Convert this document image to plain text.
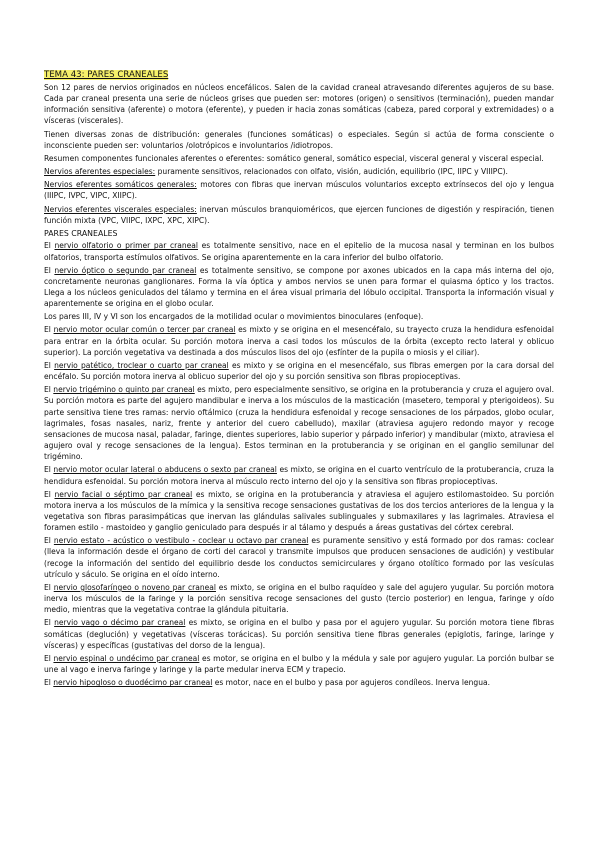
TEMA 43: PARES CRANEALES

Son 12 pares de nervios originados en núcleos encefálicos. Salen de la cavidad craneal atravesando diferentes agujeros de su base. Cada par craneal presenta una serie de núcleos grises que pueden ser: motores (origen) o sensitivos (terminación), pueden mandar información sensitiva (aferente) o motora (eferente), y pueden ir hacia zonas somáticas (cabeza, pared corporal y extremidades) o a vísceras (viscerales).

Tienen diversas zonas de distribución: generales (funciones somáticas) o especiales. Según si actúa de forma consciente o inconsciente pueden ser: voluntarios /olotrópicos e involuntarios /idiotropos.

Resumen componentes funcionales aferentes o eferentes: somático general, somático especial, visceral general y visceral especial.

Nervios aferentes especiales: puramente sensitivos, relacionados con olfato, visión, audición, equilibrio (IPC, IIPC y VIIIPC).

Nervios eferentes somáticos generales: motores con fibras que inervan músculos voluntarios excepto extrínsecos del ojo y lengua (IIIPC, IVPC, VIPC, XIIPC).

Nervios eferentes viscerales especiales: inervan músculos branquioméricos, que ejercen funciones de digestión y respiración, tienen función mixta (VPC, VIIPC, IXPC, XPC, XIPC).

PARES CRANEALES

El nervio olfatorio o primer par craneal es totalmente sensitivo, nace en el epitelio de la mucosa nasal y terminan en los bulbos olfatorios, transporta estímulos olfativos. Se origina aparentemente en la cara inferior del bulbo olfatorio.

El nervio óptico o segundo par craneal es totalmente sensitivo, se compone por axones ubicados en la capa más interna del ojo, concretamente neuronas ganglionares. Forma la vía óptica y ambos nervios se unen para formar el quiasma óptico y los tractos. Llega a los núcleos geniculados del tálamo y termina en el área visual primaria del lóbulo occipital. Transporta la información visual y aparentemente se origina en el globo ocular.

Los pares III, IV y VI son los encargados de la motilidad ocular o movimientos binoculares (enfoque).

El nervio motor ocular común o tercer par craneal es mixto y se origina en el mesencéfalo, su trayecto cruza la hendidura esfenoidal para entrar en la órbita ocular. Su porción motora inerva a casi todos los músculos de la órbita (excepto recto lateral y oblicuo superior). La porción vegetativa va destinada a dos músculos lisos del ojo (esfínter de la pupila o miosis y el ciliar).

El nervio patético, troclear o cuarto par craneal es mixto y se origina en el mesencéfalo, sus fibras emergen por la cara dorsal del encéfalo. Su porción motora inerva al oblicuo superior del ojo y su porción sensitiva son fibras propioceptivas.

El nervio trigémino o quinto par craneal es mixto, pero especialmente sensitivo, se origina en la protuberancia y cruza el agujero oval. Su porción motora es parte del agujero mandibular e inerva a los músculos de la masticación (masetero, temporal y pterigoideos). Su parte sensitiva tiene tres ramas: nervio oftálmico (cruza la hendidura esfenoidal y recoge sensaciones de los párpados, globo ocular, lagrimales, fosas nasales, nariz, frente y anterior del cuero cabelludo), maxilar (atraviesa agujero redondo mayor y recoge sensaciones de mucosa nasal, paladar, faringe, dientes superiores, labio superior y párpado inferior) y mandibular (mixto, atraviesa el agujero oval y recoge sensaciones de la lengua). Estos terminan en la protuberancia y se originan en el ganglio semilunar del trigémino.

El nervio motor ocular lateral o abducens o sexto par craneal es mixto, se origina en el cuarto ventrículo de la protuberancia, cruza la hendidura esfenoidal. Su porción motora inerva al músculo recto interno del ojo y la sensitiva son fibras propioceptivas.

El nervio facial o séptimo par craneal es mixto, se origina en la protuberancia y atraviesa el agujero estilomastoideo. Su porción motora inerva a los músculos de la mímica y la sensitiva recoge sensaciones gustativas de los dos tercios anteriores de la lengua y la vegetativa son fibras parasimpáticas que inervan las glándulas salivales sublinguales y submaxilares y las lagrimales. Atraviesa el foramen estilo - mastoideo y ganglio geniculado para después ir al tálamo y después a áreas gustativas del córtex cerebral.

El nervio estato - acústico o vestibulo - coclear u octavo par craneal es puramente sensitivo y está formado por dos ramas: coclear (lleva la información desde el órgano de corti del caracol y transmite impulsos que producen sensaciones de audición) y vestibular (recoge la información del sentido del equilibrio desde los conductos semicirculares y órgano otolítico formado por las vesículas utrículo y sáculo. Se origina en el oído interno.

El nervio glosofaríngeo o noveno par craneal es mixto, se origina en el bulbo raquídeo y sale del agujero yugular. Su porción motora inerva los músculos de la faringe y la porción sensitiva recoge sensaciones del gusto (tercio posterior) en lengua, faringe y oído medio, mientras que la vegetativa contrae la glándula pituitaria.

El nervio vago o décimo par craneal es mixto, se origina en el bulbo y pasa por el agujero yugular. Su porción motora tiene fibras somáticas (deglución) y vegetativas (vísceras torácicas). Su porción sensitiva tiene fibras generales (epiglotis, faringe, laringe y vísceras) y específicas (gustativas del dorso de la lengua).

El nervio espinal o undécimo par craneal es motor, se origina en el bulbo y la médula y sale por agujero yugular. La porción bulbar se une al vago e inerva faringe y laringe y la parte medular inerva ECM y trapecio.

El nervio hipogloso o duodécimo par craneal es motor, nace en el bulbo y pasa por agujeros condíleos. Inerva lengua.
